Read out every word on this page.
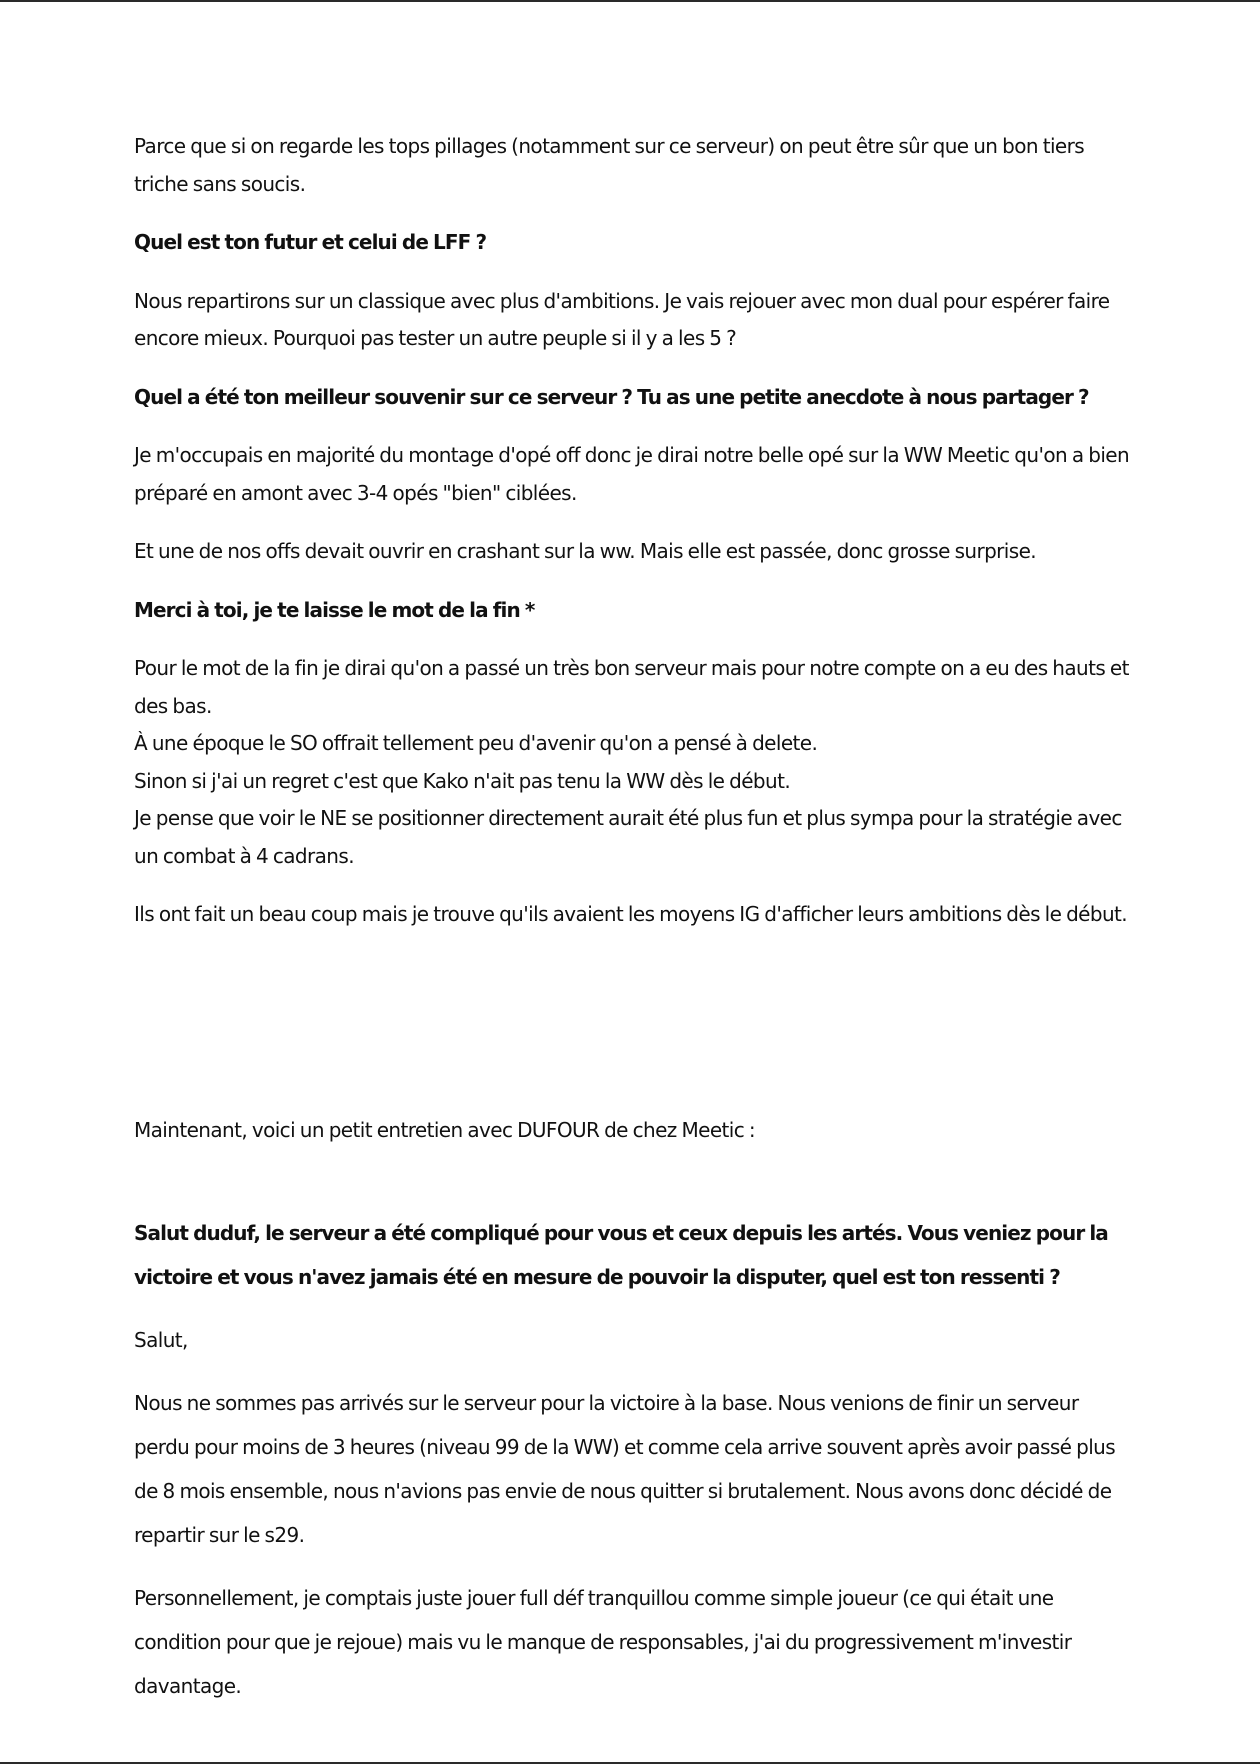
Parce que si on regarde les tops pillages (notamment sur ce serveur) on peut être sûr que un bon tiers triche sans soucis.

Quel est ton futur et celui de LFF ?

Nous repartirons sur un classique avec plus d'ambitions. Je vais rejouer avec mon dual pour espérer faire encore mieux. Pourquoi pas tester un autre peuple si il y a les 5 ?

Quel a été ton meilleur souvenir sur ce serveur ? Tu as une petite anecdote à nous partager ?

Je m'occupais en majorité du montage d'opé off donc je dirai notre belle opé sur la WW Meetic qu'on a bien préparé en amont avec 3-4 opés "bien" ciblées.

Et une de nos offs devait ouvrir en crashant sur la ww. Mais elle est passée, donc grosse surprise.

Merci à toi, je te laisse le mot de la fin *

Pour le mot de la fin je dirai qu'on a passé un très bon serveur mais pour notre compte on a eu des hauts et des bas.

À une époque le SO offrait tellement peu d'avenir qu'on a pensé à delete.

Sinon si j'ai un regret c'est que Kako n'ait pas tenu la WW dès le début.

Je pense que voir le NE se positionner directement aurait été plus fun et plus sympa pour la stratégie avec un combat à 4 cadrans.

Ils ont fait un beau coup mais je trouve qu'ils avaient les moyens IG d'afficher leurs ambitions dès le début.

Maintenant, voici un petit entretien avec DUFOUR de chez Meetic :

Salut duduf, le serveur a été compliqué pour vous et ceux depuis les artés. Vous veniez pour la victoire et vous n'avez jamais été en mesure de pouvoir la disputer, quel est ton ressenti ?

Salut,

Nous ne sommes pas arrivés sur le serveur pour la victoire à la base. Nous venions de finir un serveur perdu pour moins de 3 heures (niveau 99 de la WW) et comme cela arrive souvent après avoir passé plus de 8 mois ensemble, nous n'avions pas envie de nous quitter si brutalement. Nous avons donc décidé de repartir sur le s29.

Personnellement, je comptais juste jouer full déf tranquillou comme simple joueur (ce qui était une condition pour que je rejoue) mais vu le manque de responsables, j'ai du progressivement m'investir davantage.
